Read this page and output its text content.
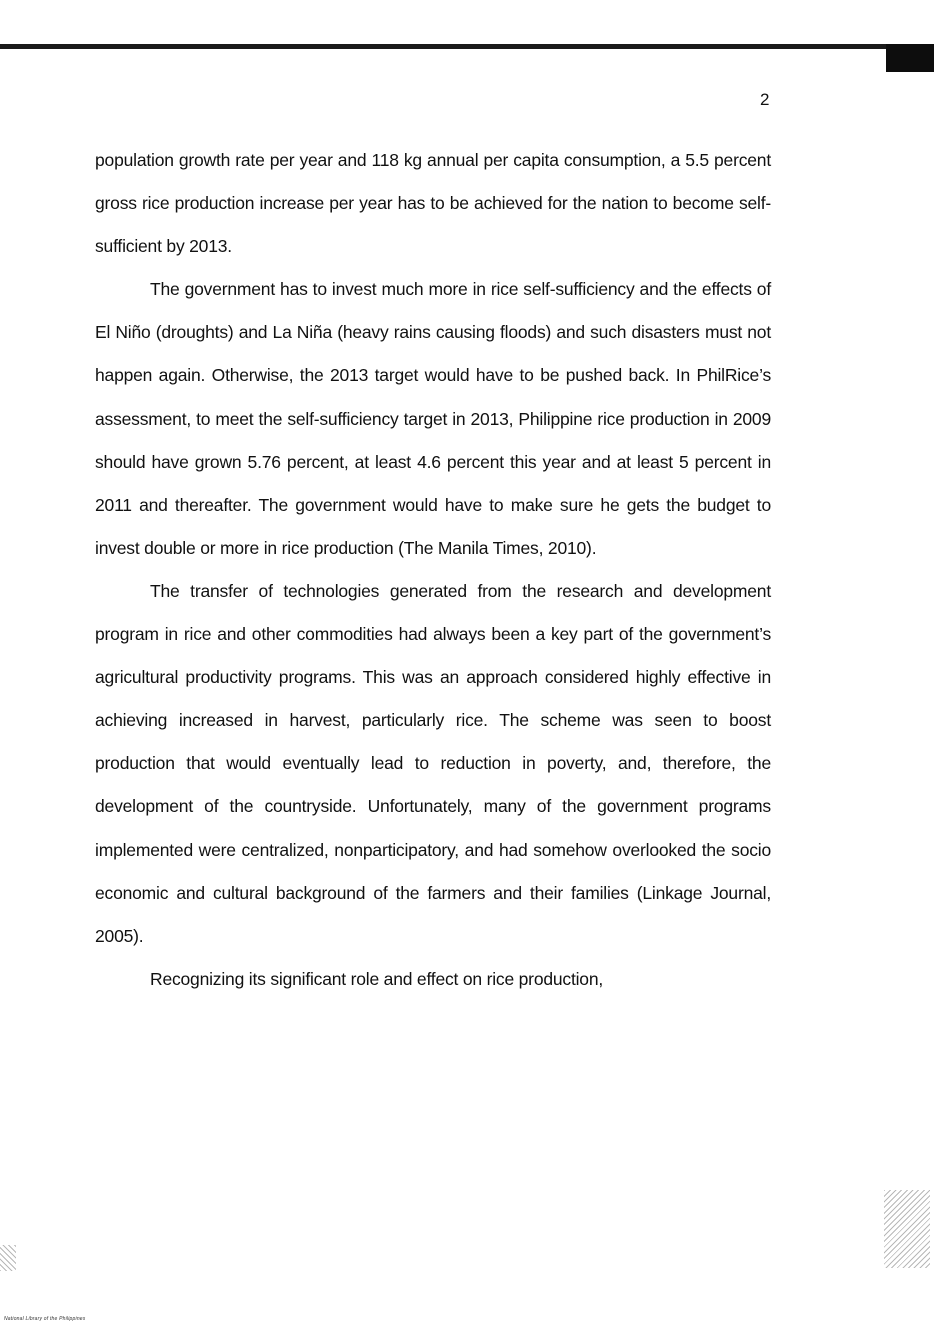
2

population growth rate per year and 118 kg annual per capita consumption, a 5.5 percent gross rice production increase per year has to be achieved for the nation to become self-sufficient by 2013.

The government has to invest much more in rice self-sufficiency and the effects of El Niño (droughts) and La Niña (heavy rains causing floods) and such disasters must not happen again. Otherwise, the 2013 target would have to be pushed back. In PhilRice’s assessment, to meet the self-sufficiency target in 2013, Philippine rice production in 2009 should have grown 5.76 percent, at least 4.6 percent this year and at least 5 percent in 2011 and thereafter. The government would have to make sure he gets the budget to invest double or more in rice production (The Manila Times, 2010).

The transfer of technologies generated from the research and development program in rice and other commodities had always been a key part of the government’s agricultural productivity programs. This was an approach considered highly effective in achieving increased in harvest, particularly rice. The scheme was seen to boost production that would eventually lead to reduction in poverty, and, therefore, the development of the countryside. Unfortunately, many of the government programs implemented were centralized, nonparticipatory, and had somehow overlooked the socio economic and cultural background of the farmers and their families (Linkage Journal, 2005).

Recognizing its significant role and effect on rice production,

National Library of the Philippines
